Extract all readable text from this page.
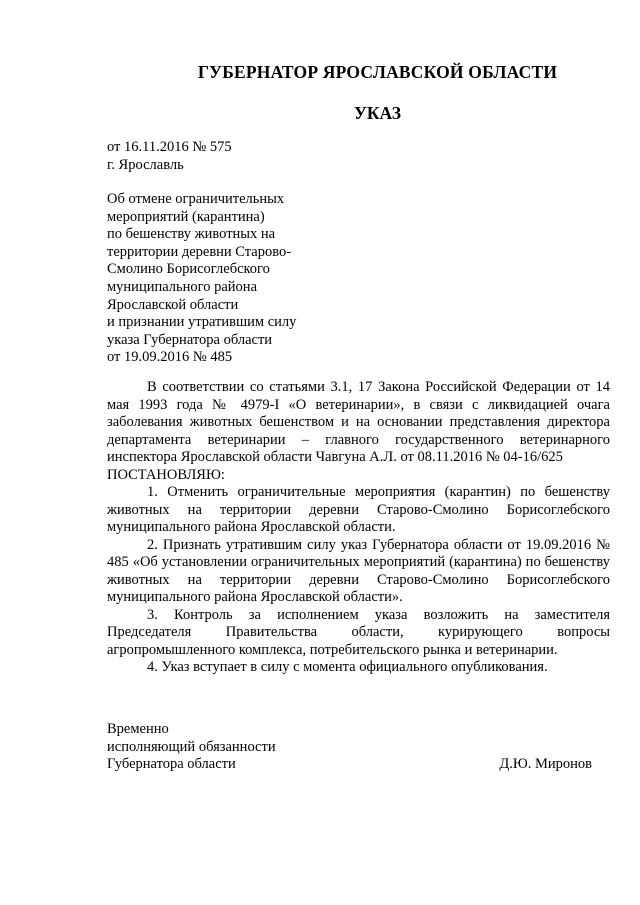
ГУБЕРНАТОР ЯРОСЛАВСКОЙ ОБЛАСТИ
УКАЗ
от 16.11.2016 № 575
г. Ярославль
Об отмене ограничительных
мероприятий (карантина)
по бешенству животных на
территории деревни Старово-
Смолино Борисоглебского
муниципального района
Ярославской области
и признании утратившим силу
указа Губернатора области
от 19.09.2016 № 485

В соответствии со статьями 3.1, 17 Закона Российской Федерации от 14 мая 1993 года № 4979-I «О ветеринарии», в связи с ликвидацией очага заболевания животных бешенством и на основании представления директора департамента ветеринарии – главного государственного ветеринарного инспектора Ярославской области Чавгуна А.Л. от 08.11.2016 № 04-16/625

ПОСТАНОВЛЯЮ:

1. Отменить ограничительные мероприятия (карантин) по бешенству животных на территории деревни Старово-Смолино Борисоглебского муниципального района Ярославской области.

2. Признать утратившим силу указ Губернатора области от 19.09.2016 № 485 «Об установлении ограничительных мероприятий (карантина) по бешенству животных на территории деревни Старово-Смолино Борисоглебского муниципального района Ярославской области».

3. Контроль за исполнением указа возложить на заместителя Председателя Правительства области, курирующего вопросы агропромышленного комплекса, потребительского рынка и ветеринарии.

4. Указ вступает в силу с момента официального опубликования.

Временно
исполняющий обязанности
Губернатора области	Д.Ю. Миронов
